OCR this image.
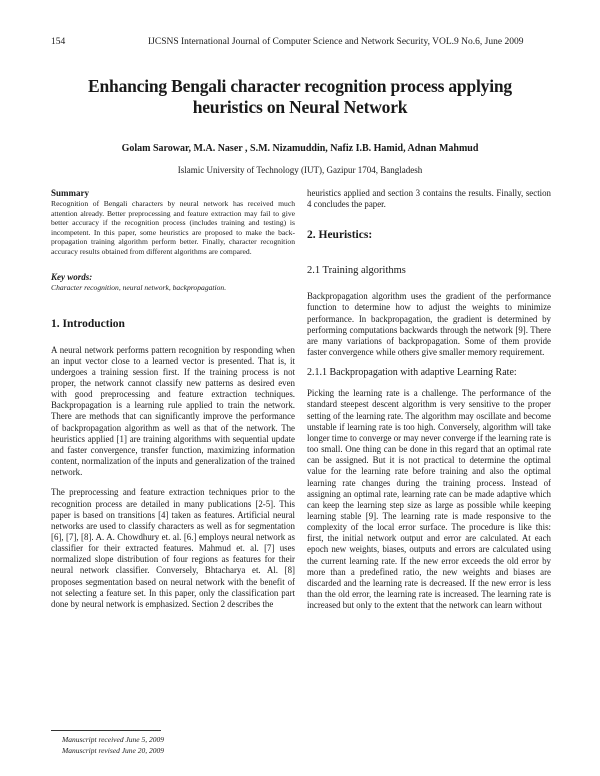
154	IJCSNS International Journal of Computer Science and Network Security, VOL.9 No.6, June 2009
Enhancing Bengali character recognition process applying
heuristics on Neural Network
Golam Sarowar, M.A. Naser , S.M. Nizamuddin, Nafiz I.B. Hamid, Adnan Mahmud
Islamic University of Technology (IUT), Gazipur 1704, Bangladesh

Summary

Recognition of Bengali characters by neural network has received much attention already. Better preprocessing and feature extraction may fail to give better accuracy if the recognition process (includes training and testing) is incompetent. In this paper, some heuristics are proposed to make the back-propagation training algorithm perform better. Finally, character recognition accuracy results obtained from different algorithms are compared.

Key words:

Character recognition, neural network, backpropagation.

1. Introduction

A neural network performs pattern recognition by responding when an input vector close to a learned vector is presented. That is, it undergoes a training session first. If the training process is not proper, the network cannot classify new patterns as desired even with good preprocessing and feature extraction techniques. Backpropagation is a learning rule applied to train the network. There are methods that can significantly improve the performance of backpropagation algorithm as well as that of the network. The heuristics applied [1] are training algorithms with sequential update and faster convergence, transfer function, maximizing information content, normalization of the inputs and generalization of the trained network.

The preprocessing and feature extraction techniques prior to the recognition process are detailed in many publications [2-5]. This paper is based on transitions [4] taken as features. Artificial neural networks are used to classify characters as well as for segmentation [6], [7], [8]. A. A. Chowdhury et. al. [6.] employs neural network as classifier for their extracted features. Mahmud et. al. [7] uses normalized slope distribution of four regions as features for their neural network classifier. Conversely, Bhtacharya et. Al. [8] proposes segmentation based on neural network with the benefit of not selecting a feature set. In this paper, only the classification part done by neural network is emphasized. Section 2 describes the

heuristics applied and section 3 contains the results. Finally, section 4 concludes the paper.

2. Heuristics:
2.1 Training algorithms

Backpropagation algorithm uses the gradient of the performance function to determine how to adjust the weights to minimize performance. In backpropagation, the gradient is determined by performing computations backwards through the network [9]. There are many variations of backpropagation. Some of them provide faster convergence while others give smaller memory requirement.

2.1.1 Backpropagation with adaptive Learning Rate:

Picking the learning rate is a challenge. The performance of the standard steepest descent algorithm is very sensitive to the proper setting of the learning rate. The algorithm may oscillate and become unstable if learning rate is too high. Conversely, algorithm will take longer time to converge or may never converge if the learning rate is too small. One thing can be done in this regard that an optimal rate can be assigned. But it is not practical to determine the optimal value for the learning rate before training and also the optimal learning rate changes during the training process. Instead of assigning an optimal rate, learning rate can be made adaptive which can keep the learning step size as large as possible while keeping learning stable [9]. The learning rate is made responsive to the complexity of the local error surface. The procedure is like this: first, the initial network output and error are calculated. At each epoch new weights, biases, outputs and errors are calculated using the current learning rate. If the new error exceeds the old error by more than a predefined ratio, the new weights and biases are discarded and the learning rate is decreased. If the new error is less than the old error, the learning rate is increased. The learning rate is increased but only to the extent that the network can learn without

Manuscript received June 5, 2009
Manuscript revised June 20, 2009
